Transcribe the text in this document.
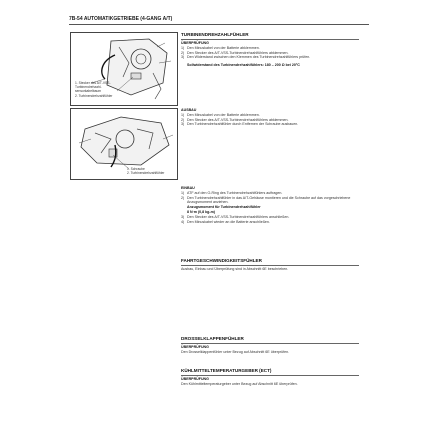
7B-54 AUTOMATIKGETRIEBE (4-GANG A/T)
1. Stecker des A/T-VSS-Turbinendrehzahl-
sensorkabelbaum
2. Turbinendrehzahlfühler
1. Schraube
2. Turbinendrehzahlfühler
TURBINENDREHZAHLFÜHLER
ÜBERPRÜFUNG
1) Den Minuskabel von der Batterie abklemmen.
2) Den Stecker des A/T-VSS-Turbinendrehzahlfühlers abklemmen.
3) Den Widerstand zwischen den Klemmen des Turbinendrehzahlfühlers prüfen.
Sollwiderstand des Turbinendrehzahlfühlers: 180 – 200 Ω bei 20°C
AUSBAU
1) Den Minuskabel von der Batterie abklemmen.
2) Den Stecker des A/T-VSS-Turbinendrehzahlfühlers abklemmen.
3) Den Turbinendrehzahlfühler durch Entfernen der Schraube ausbauen.
EINBAU
1) ATF auf den O-Ring des Turbinendrehzahlfühlers auftragen.
2) Den Turbinendrehzahlfühler in das A/T-Gehäuse montieren und die Schraube auf das vorgeschriebene Anzugsmoment anziehen.
Anzugsmoment für Turbinendrehzahlfühler
8 N·m (0,8 kg-m)
3) Den Stecker des A/T-VSS-Turbinendrehzahlfühlers anschließen.
4) Den Minuskabel wieder an die Batterie anschließen.
FAHRTGESCHWINDIGKEITSFÜHLER
Ausbau, Einbau und Überprüfung sind in Abschnitt 6E beschrieben.
DROSSELKLAPPENFÜHLER
ÜBERPRÜFUNG
Den Drosselklappenfühler unter Bezug auf Abschnitt 6E überprüfen.
KÜHLMITTELTEMPERATURGEBER (ECT)
ÜBERPRÜFUNG
Den Kühlmitteltemperaturgeber unter Bezug auf Abschnitt 6E überprüfen.
